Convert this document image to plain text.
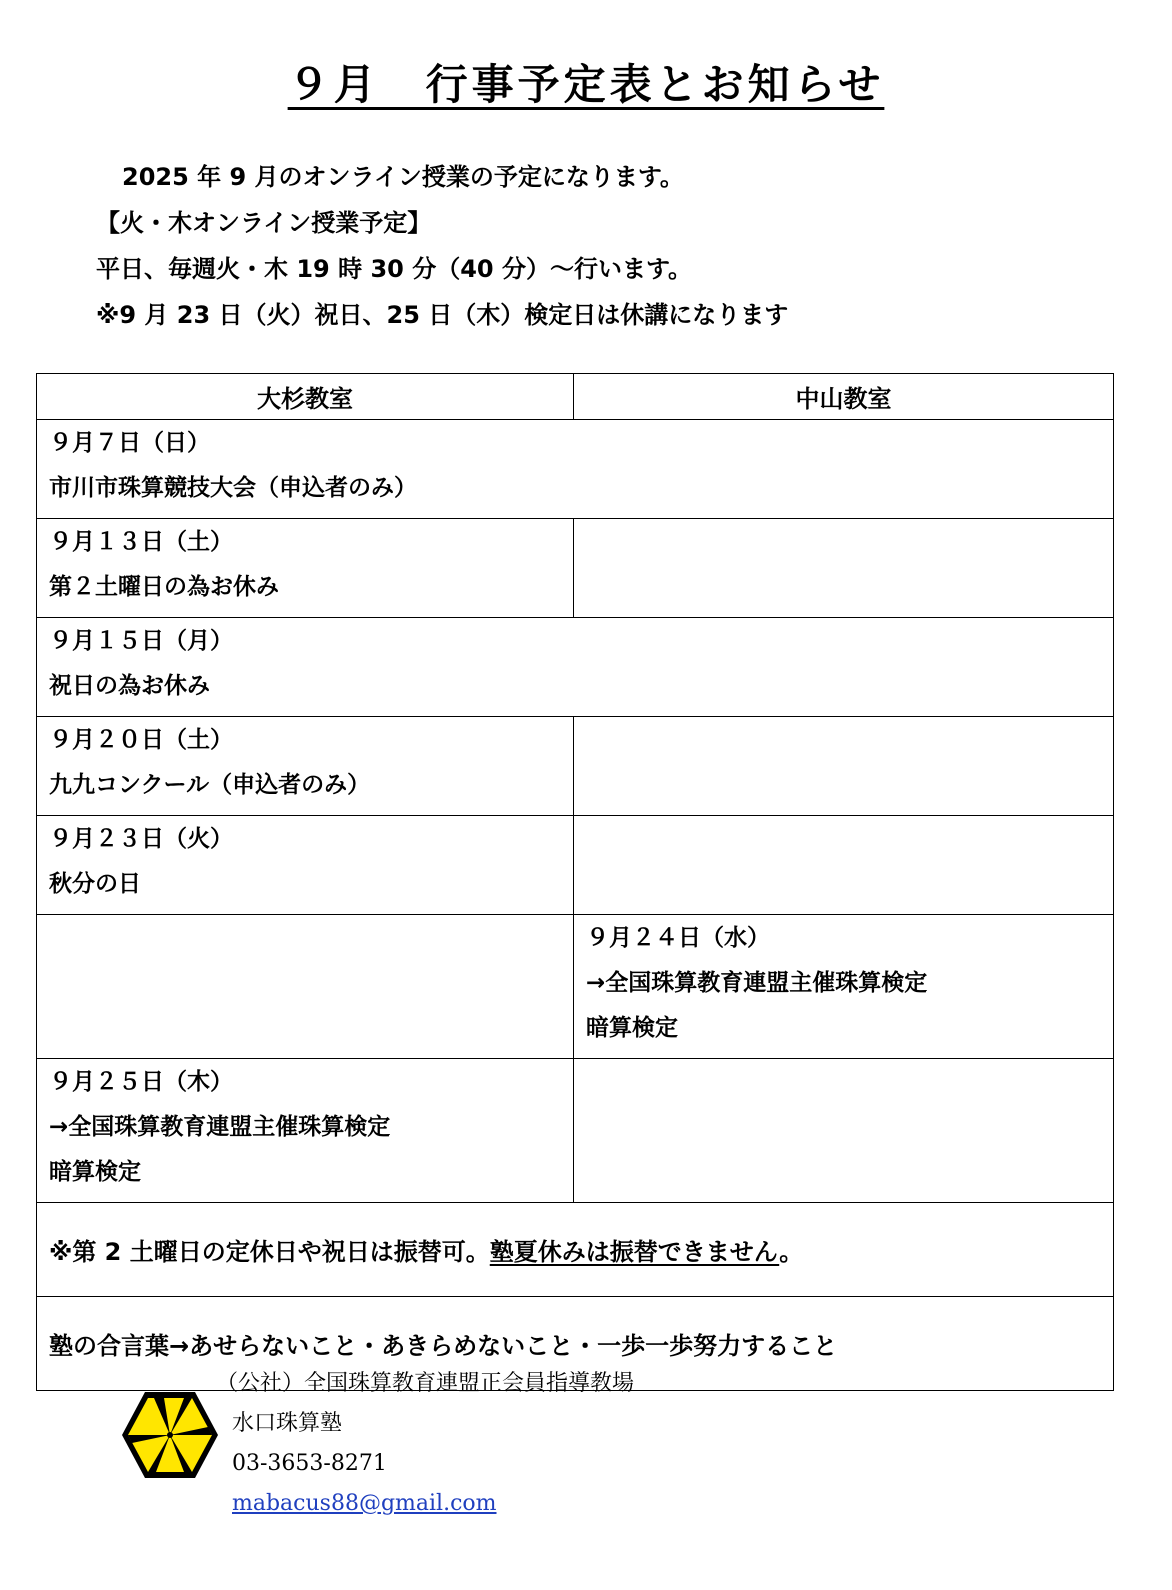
９月　行事予定表とお知らせ
2025 年 9 月のオンライン授業の予定になります。
【火・木オンライン授業予定】
平日、毎週火・木 19 時 30 分（40 分）～行います。
※9 月 23 日（火）祝日、25 日（木）検定日は休講になります
大杉教室	中山教室

９月７日（日）
市川市珠算競技大会（申込者のみ）	

９月１３日（土）
第２土曜日の為お休み	

９月１５日（月）
祝日の為お休み	

９月２０日（土）
九九コンクール（申込者のみ）	

９月２３日（火）
秋分の日	

	９月２４日（水）
→全国珠算教育連盟主催珠算検定
暗算検定

９月２５日（木）
→全国珠算教育連盟主催珠算検定
暗算検定	

※第 2 土曜日の定休日や祝日は振替可。塾夏休みは振替できません。	
塾の合言葉→あせらないこと・あきらめないこと・一歩一歩努力すること	
（公社）全国珠算教育連盟正会員指導教場
水口珠算塾
03-3653-8271
mabacus88@gmail.com
